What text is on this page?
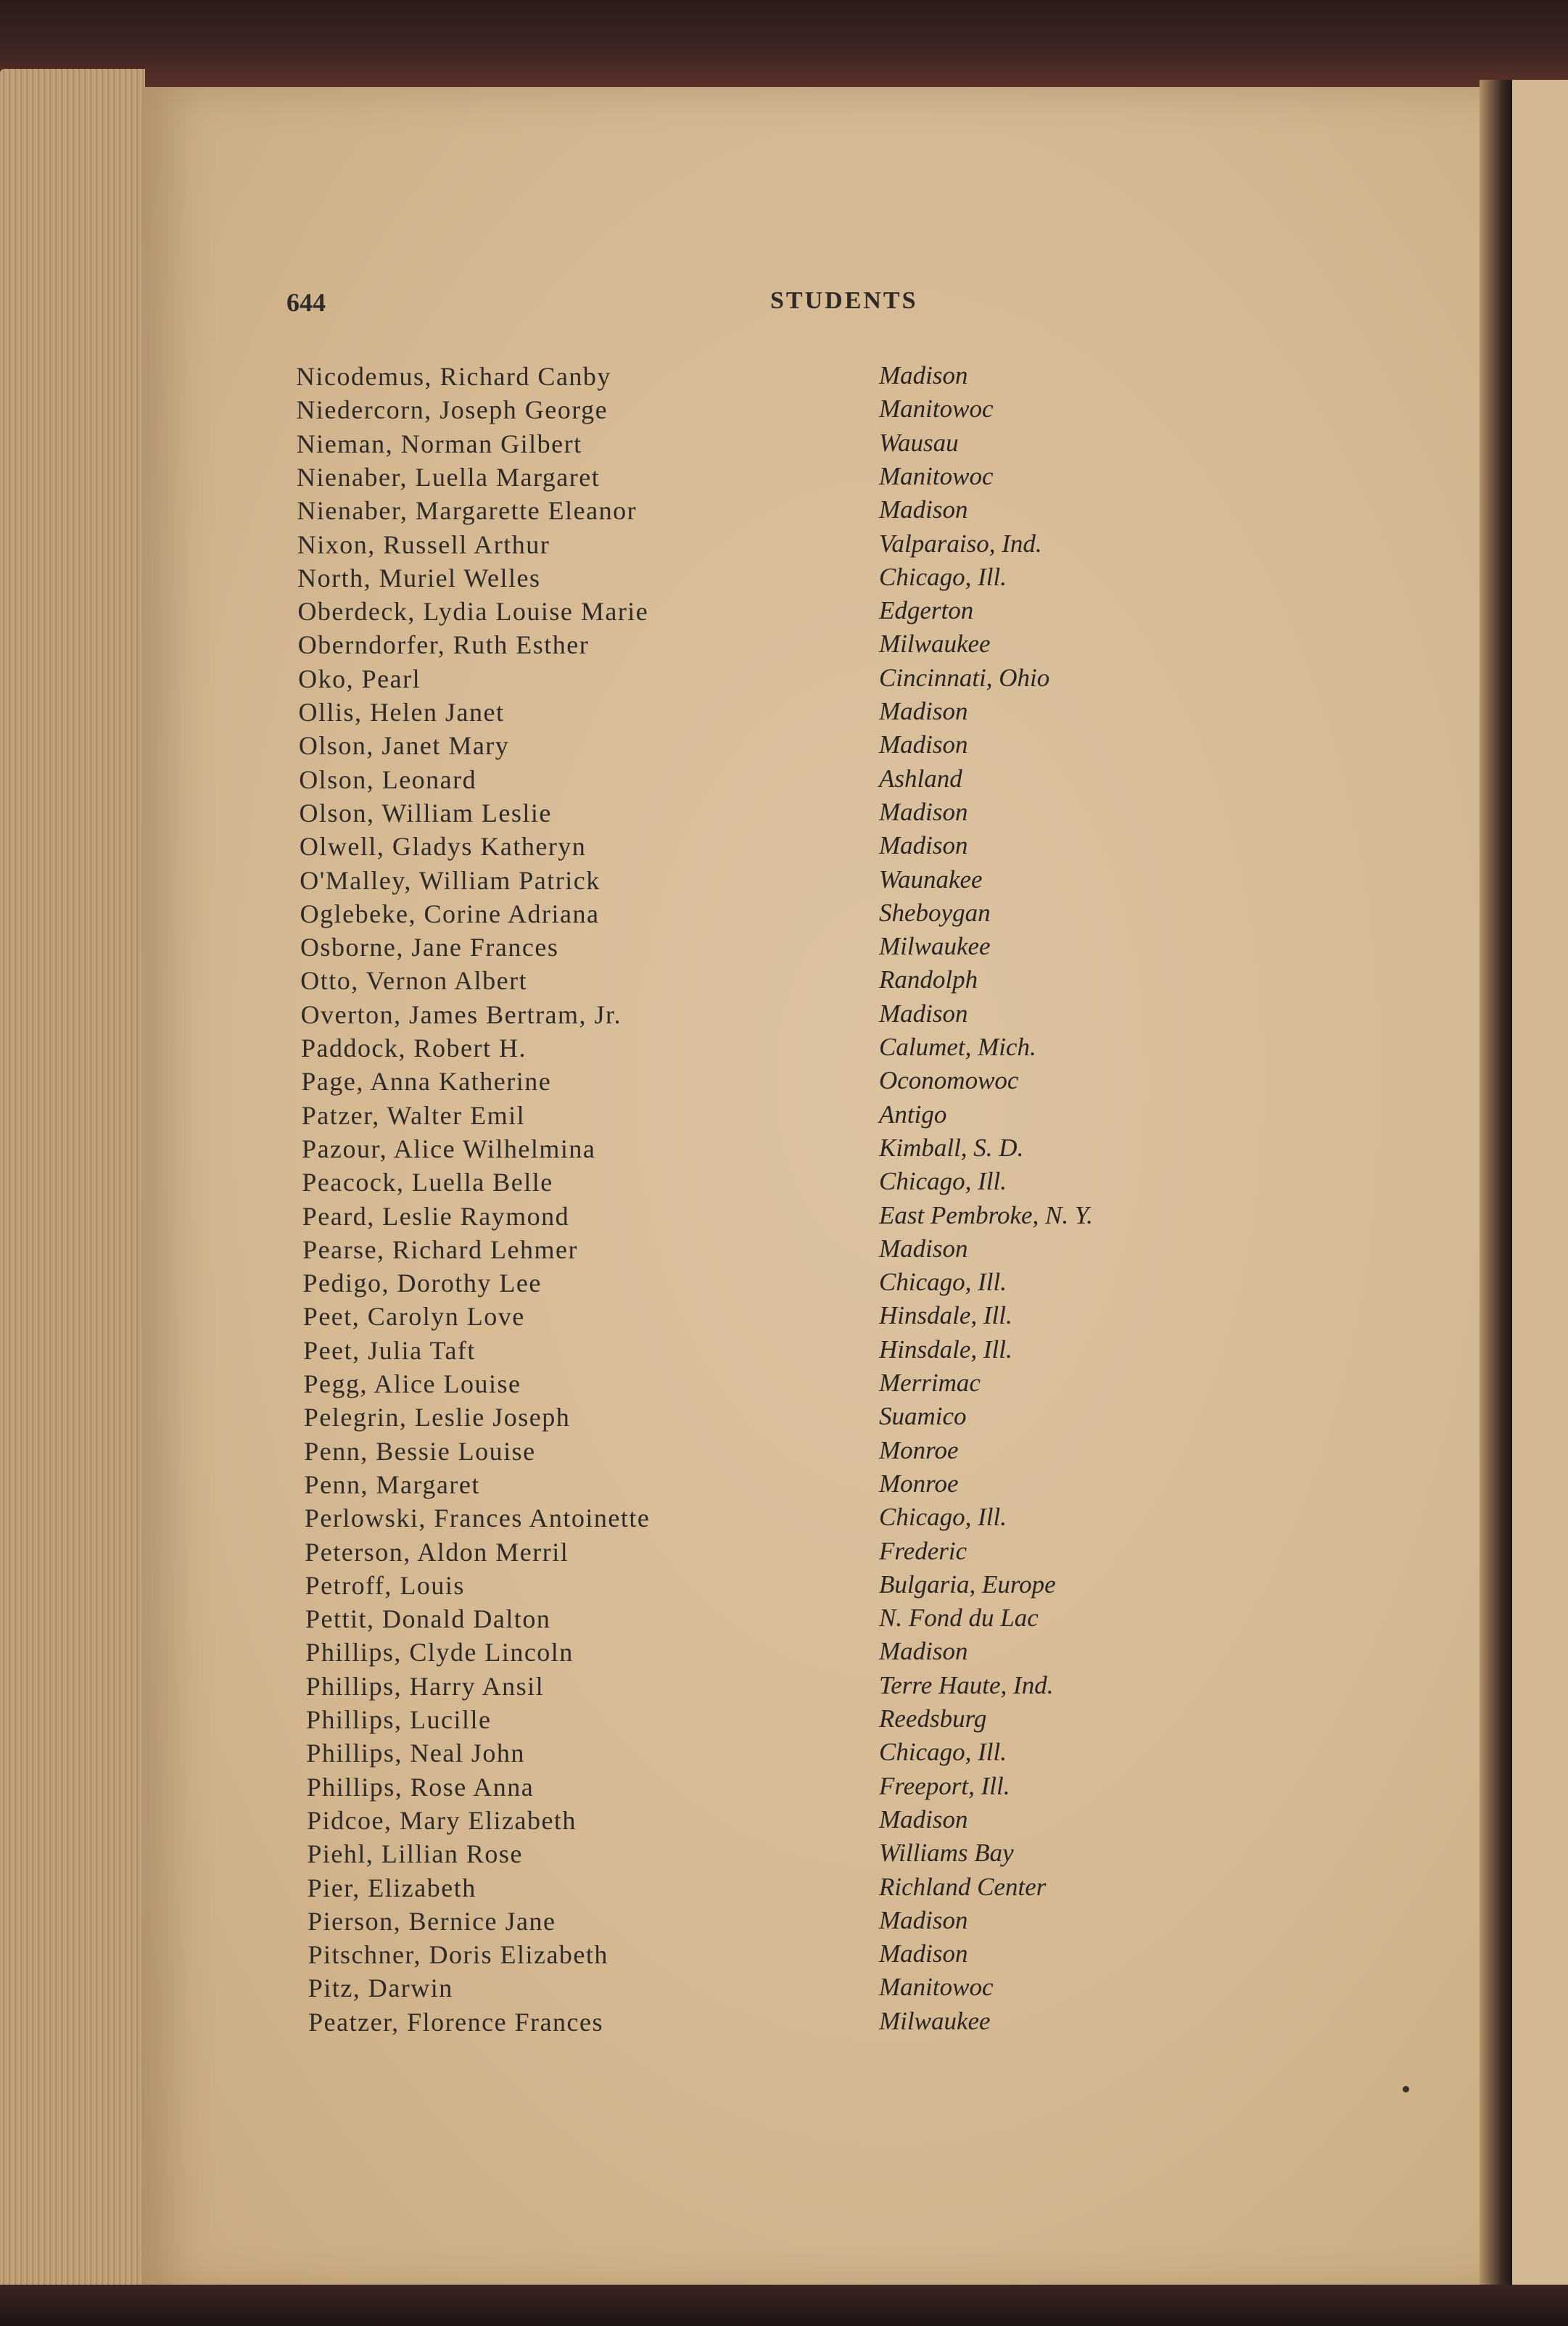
644	STUDENTS
Nicodemus, Richard Canby	Madison
Niedercorn, Joseph George	Manitowoc
Nieman, Norman Gilbert	Wausau
Nienaber, Luella Margaret	Manitowoc
Nienaber, Margarette Eleanor	Madison
Nixon, Russell Arthur	Valparaiso, Ind.
North, Muriel Welles	Chicago, Ill.
Oberdeck, Lydia Louise Marie	Edgerton
Oberndorfer, Ruth Esther	Milwaukee
Oko, Pearl	Cincinnati, Ohio
Ollis, Helen Janet	Madison
Olson, Janet Mary	Madison
Olson, Leonard	Ashland
Olson, William Leslie	Madison
Olwell, Gladys Katheryn	Madison
O'Malley, William Patrick	Waunakee
Oglebeke, Corine Adriana	Sheboygan
Osborne, Jane Frances	Milwaukee
Otto, Vernon Albert	Randolph
Overton, James Bertram, Jr.	Madison
Paddock, Robert H.	Calumet, Mich.
Page, Anna Katherine	Oconomowoc
Patzer, Walter Emil	Antigo
Pazour, Alice Wilhelmina	Kimball, S. D.
Peacock, Luella Belle	Chicago, Ill.
Peard, Leslie Raymond	East Pembroke, N. Y.
Pearse, Richard Lehmer	Madison
Pedigo, Dorothy Lee	Chicago, Ill.
Peet, Carolyn Love	Hinsdale, Ill.
Peet, Julia Taft	Hinsdale, Ill.
Pegg, Alice Louise	Merrimac
Pelegrin, Leslie Joseph	Suamico
Penn, Bessie Louise	Monroe
Penn, Margaret	Monroe
Perlowski, Frances Antoinette	Chicago, Ill.
Peterson, Aldon Merril	Frederic
Petroff, Louis	Bulgaria, Europe
Pettit, Donald Dalton	N. Fond du Lac
Phillips, Clyde Lincoln	Madison
Phillips, Harry Ansil	Terre Haute, Ind.
Phillips, Lucille	Reedsburg
Phillips, Neal John	Chicago, Ill.
Phillips, Rose Anna	Freeport, Ill.
Pidcoe, Mary Elizabeth	Madison
Piehl, Lillian Rose	Williams Bay
Pier, Elizabeth	Richland Center
Pierson, Bernice Jane	Madison
Pitschner, Doris Elizabeth	Madison
Pitz, Darwin	Manitowoc
Peatzer, Florence Frances	Milwaukee
